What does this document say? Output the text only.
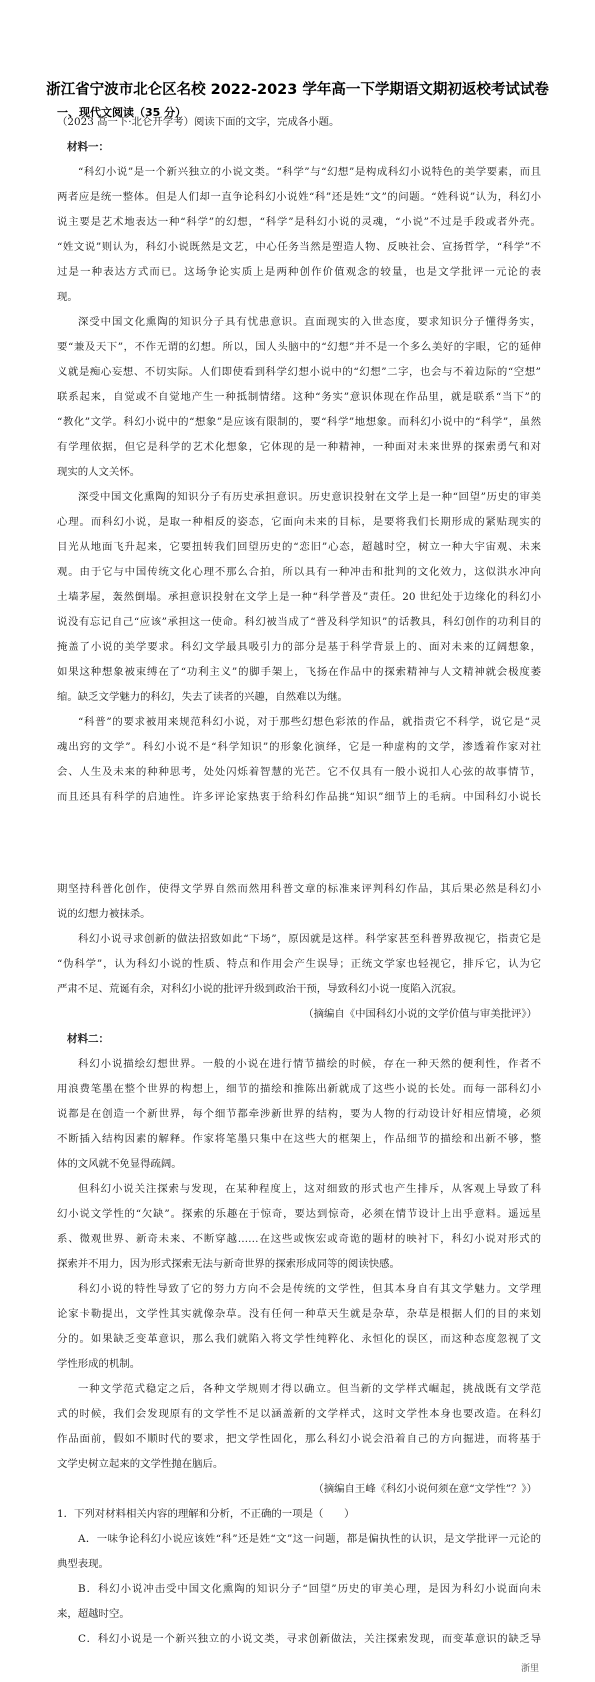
浙江省宁波市北仑区名校 2022-2023 学年高一下学期语文期初返校考试试卷
一、现代文阅读（35 分）
（2023 高一下·北仑开学考）阅读下面的文字，完成各小题。
材料一：
“科幻小说”是一个新兴独立的小说文类。“科学”与“幻想”是构成科幻小说特色的美学要素，而且
两者应是统一整体。但是人们却一直争论科幻小说姓“科”还是姓“文”的问题。“姓科说”认为，科幻小
说主要是艺术地表达一种“科学”的幻想，“科学”是科幻小说的灵魂，“小说”不过是手段或者外壳。
“姓文说”则认为，科幻小说既然是文艺，中心任务当然是塑造人物、反映社会、宣扬哲学，“科学”不
过是一种表达方式而已。这场争论实质上是两种创作价值观念的较量，也是文学批评一元论的表
现。
深受中国文化熏陶的知识分子具有忧患意识。直面现实的入世态度，要求知识分子懂得务实，
要“兼及天下”，不作无谓的幻想。所以，国人头脑中的“幻想”并不是一个多么美好的字眼，它的延伸
义就是痴心妄想、不切实际。人们即使看到科学幻想小说中的“幻想”二字，也会与不着边际的“空想”
联系起来，自觉或不自觉地产生一种抵制情绪。这种“务实”意识体现在作品里，就是联系“当下”的
“教化”文学。科幻小说中的“想象”是应该有限制的，要“科学”地想象。而科幻小说中的“科学”，虽然
有学理依据，但它是科学的艺术化想象，它体现的是一种精神，一种面对未来世界的探索勇气和对
现实的人文关怀。
深受中国文化熏陶的知识分子有历史承担意识。历史意识投射在文学上是一种“回望”历史的审美
心理。而科幻小说，是取一种相反的姿态，它面向未来的目标，是要将我们长期形成的紧贴现实的
目光从地面飞升起来，它要扭转我们回望历史的“恋旧”心态，超越时空，树立一种大宇宙观、未来
观。由于它与中国传统文化心理不那么合拍，所以具有一种冲击和批判的文化效力，这似洪水冲向
土墙茅屋，轰然倒塌。承担意识投射在文学上是一种“科学普及”责任。20 世纪处于边缘化的科幻小
说没有忘记自己“应该”承担这一使命。科幻被当成了“普及科学知识”的话教具，科幻创作的功利目的
掩盖了小说的美学要求。科幻文学最具吸引力的部分是基于科学背景上的、面对未来的辽阔想象，
如果这种想象被束缚在了“功利主义”的脚手架上，飞扬在作品中的探索精神与人文精神就会极度萎
缩。缺乏文学魅力的科幻，失去了读者的兴趣，自然难以为继。
“科普”的要求被用来规范科幻小说，对于那些幻想色彩浓的作品，就指责它不科学，说它是“灵
魂出窍的文学”。科幻小说不是“科学知识”的形象化演绎，它是一种虚构的文学，渗透着作家对社
会、人生及未来的种种思考，处处闪烁着智慧的光芒。它不仅具有一般小说扣人心弦的故事情节，
而且还具有科学的启迪性。许多评论家热衷于给科幻作品挑“知识”细节上的毛病。中国科幻小说长
期坚持科普化创作，使得文学界自然而然用科普文章的标准来评判科幻作品，其后果必然是科幻小
说的幻想力被抹杀。
科幻小说寻求创新的做法招致如此“下场”，原因就是这样。科学家甚至科普界敌视它，指责它是
“伪科学”，认为科幻小说的性质、特点和作用会产生误导；正统文学家也轻视它，排斥它，认为它
严肃不足、荒诞有余，对科幻小说的批评升级到政治干预，导致科幻小说一度陷入沉寂。
（摘编自《中国科幻小说的文学价值与审美批评》）
材料二：
科幻小说描绘幻想世界。一般的小说在进行情节描绘的时候，存在一种天然的便利性，作者不
用浪费笔墨在整个世界的构想上，细节的描绘和推陈出新就成了这些小说的长处。而每一部科幻小
说都是在创造一个新世界，每个细节都牵涉新世界的结构，要为人物的行动设计好相应情境，必须
不断插入结构因素的解释。作家将笔墨只集中在这些大的框架上，作品细节的描绘和出新不够，整
体的文风就不免显得疏阔。
但科幻小说关注探索与发现，在某种程度上，这对细致的形式也产生排斥，从客观上导致了科
幻小说文学性的“欠缺”。探索的乐趣在于惊奇，要达到惊奇，必须在情节设计上出乎意料。遥远星
系、微观世界、新奇未来、不断穿越……在这些或恢宏或奇诡的题材的映衬下，科幻小说对形式的
探索并不用力，因为形式探索无法与新奇世界的探索形成同等的阅读快感。
科幻小说的特性导致了它的努力方向不会是传统的文学性，但其本身自有其文学魅力。文学理
论家卡勒提出，文学性其实就像杂草。没有任何一种草天生就是杂草，杂草是根据人们的目的来划
分的。如果缺乏变革意识，那么我们就陷入将文学性纯粹化、永恒化的误区，而这种态度忽视了文
学性形成的机制。
一种文学范式稳定之后，各种文学规则才得以确立。但当新的文学样式崛起，挑战既有文学范
式的时候，我们会发现原有的文学性不足以涵盖新的文学样式，这时文学性本身也要改造。在科幻
作品面前，假如不顺时代的要求，把文学性固化，那么科幻小说会沿着自己的方向掘进，而将基于
文学史树立起来的文学性抛在脑后。
（摘编自王峰《科幻小说何须在意“文学性”？》）
1．下列对材料相关内容的理解和分析，不正确的一项是（　　）
A．一味争论科幻小说应该姓“科”还是姓“文”这一问题，都是偏执性的认识，是文学批评一元论的
典型表现。
B．科幻小说冲击受中国文化熏陶的知识分子“回望”历史的审美心理，是因为科幻小说面向未
来，超越时空。
C．科幻小说是一个新兴独立的小说文类，寻求创新做法，关注探索发现，而变革意识的缺乏导
浙里
